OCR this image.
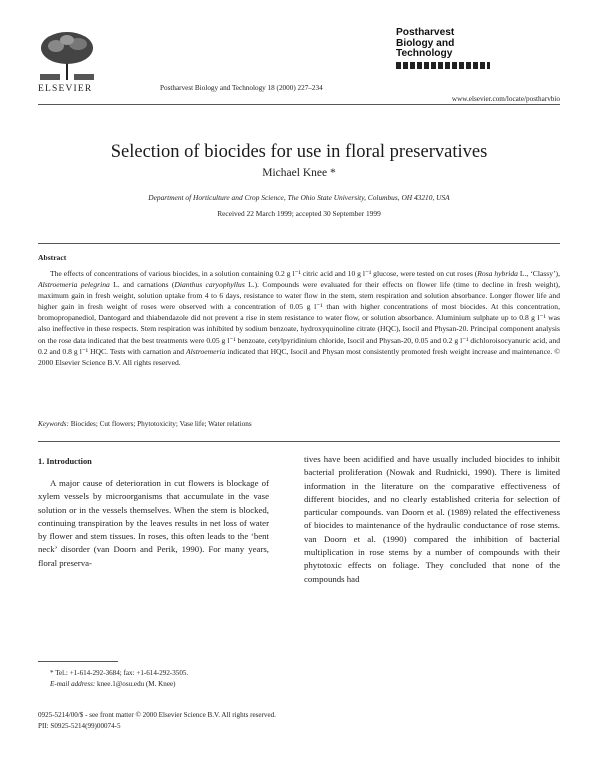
ELSEVIER	Postharvest Biology and Technology 18 (2000) 227–234
Postharvest
Biology and
Technology
www.elsevier.com/locate/postharvbio
Selection of biocides for use in floral preservatives
Michael Knee *
Department of Horticulture and Crop Science, The Ohio State University, Columbus, OH 43210, USA
Received 22 March 1999; accepted 30 September 1999
Abstract
The effects of concentrations of various biocides, in a solution containing 0.2 g l⁻¹ citric acid and 10 g l⁻¹ glucose, were tested on cut roses (Rosa hybrida L., ‘Classy’), Alstroemeria pelegrina L. and carnations (Dianthus caryophyllus L.). Compounds were evaluated for their effects on flower life (time to decline in fresh weight), maximum gain in fresh weight, solution uptake from 4 to 6 days, resistance to water flow in the stem, stem respiration and solution absorbance. Longer flower life and higher gain in fresh weight of roses were observed with a concentration of 0.05 g l⁻¹ than with higher concentrations of most biocides. At this concentration, bromopropanediol, Dantogard and thiabendazole did not prevent a rise in stem resistance to water flow, or solution absorbance. Aluminium sulphate up to 0.8 g l⁻¹ was also ineffective in these respects. Stem respiration was inhibited by sodium benzoate, hydroxyquinoline citrate (HQC), Isocil and Physan-20. Principal component analysis on the rose data indicated that the best treatments were 0.05 g l⁻¹ benzoate, cetylpyridinium chloride, Isocil and Physan-20, 0.05 and 0.2 g l⁻¹ dichloroisocyanuric acid, and 0.2 and 0.8 g l⁻¹ HQC. Tests with carnation and Alstroemeria indicated that HQC, Isocil and Physan most consistently promoted fresh weight increase and maintenance. © 2000 Elsevier Science B.V. All rights reserved.
Keywords: Biocides; Cut flowers; Phytotoxicity; Vase life; Water relations
1. Introduction
A major cause of deterioration in cut flowers is blockage of xylem vessels by microorganisms that accumulate in the vase solution or in the vessels themselves. When the stem is blocked, continuing transpiration by the leaves results in net loss of water by flower and stem tissues. In roses, this often leads to the ‘bent neck’ disorder (van Doorn and Perik, 1990). For many years, floral preserva-
tives have been acidified and have usually included biocides to inhibit bacterial proliferation (Nowak and Rudnicki, 1990). There is limited information in the literature on the comparative effectiveness of different biocides, and no clearly established criteria for selection of particular compounds. van Doorn et al. (1989) related the effectiveness of biocides to maintenance of the hydraulic conductance of rose stems. van Doorn et al. (1990) compared the inhibition of bacterial multiplication in rose stems by a number of compounds with their phytotoxic effects on foliage. They concluded that none of the compounds had
* Tel.: +1-614-292-3684; fax: +1-614-292-3505.
E-mail address: knee.1@osu.edu (M. Knee)
0925-5214/00/$ - see front matter © 2000 Elsevier Science B.V. All rights reserved.
PII: S0925-5214(99)00074-5
